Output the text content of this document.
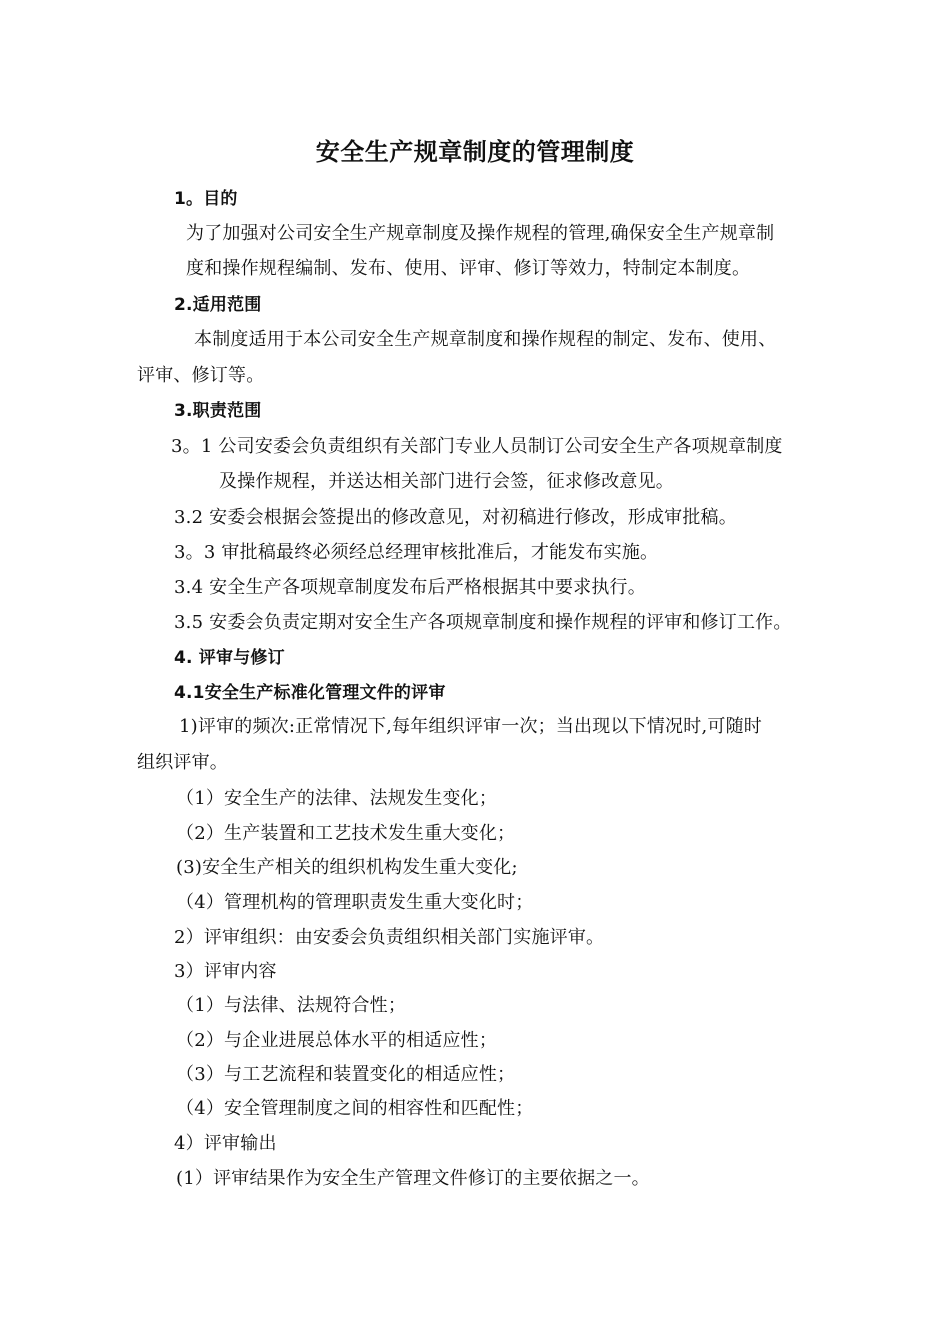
安全生产规章制度的管理制度
1。目的
为了加强对公司安全生产规章制度及操作规程的管理,确保安全生产规章制
度和操作规程编制、发布、使用、评审、修订等效力，特制定本制度。
2.适用范围
本制度适用于本公司安全生产规章制度和操作规程的制定、发布、使用、
评审、修订等。
3.职责范围
3。1 公司安委会负责组织有关部门专业人员制订公司安全生产各项规章制度
及操作规程，并送达相关部门进行会签，征求修改意见。
3.2 安委会根据会签提出的修改意见，对初稿进行修改，形成审批稿。
3。3 审批稿最终必须经总经理审核批准后，才能发布实施。
3.4 安全生产各项规章制度发布后严格根据其中要求执行。
3.5 安委会负责定期对安全生产各项规章制度和操作规程的评审和修订工作。
4. 评审与修订
4.1安全生产标准化管理文件的评审
1)评审的频次:正常情况下,每年组织评审一次；当出现以下情况时,可随时
组织评审。
（1）安全生产的法律、法规发生变化；
（2）生产装置和工艺技术发生重大变化；
(3)安全生产相关的组织机构发生重大变化;
（4）管理机构的管理职责发生重大变化时；
2）评审组织：由安委会负责组织相关部门实施评审。
3）评审内容
（1）与法律、法规符合性；
（2）与企业进展总体水平的相适应性；
（3）与工艺流程和装置变化的相适应性；
（4）安全管理制度之间的相容性和匹配性；
4）评审输出
(1）评审结果作为安全生产管理文件修订的主要依据之一。
